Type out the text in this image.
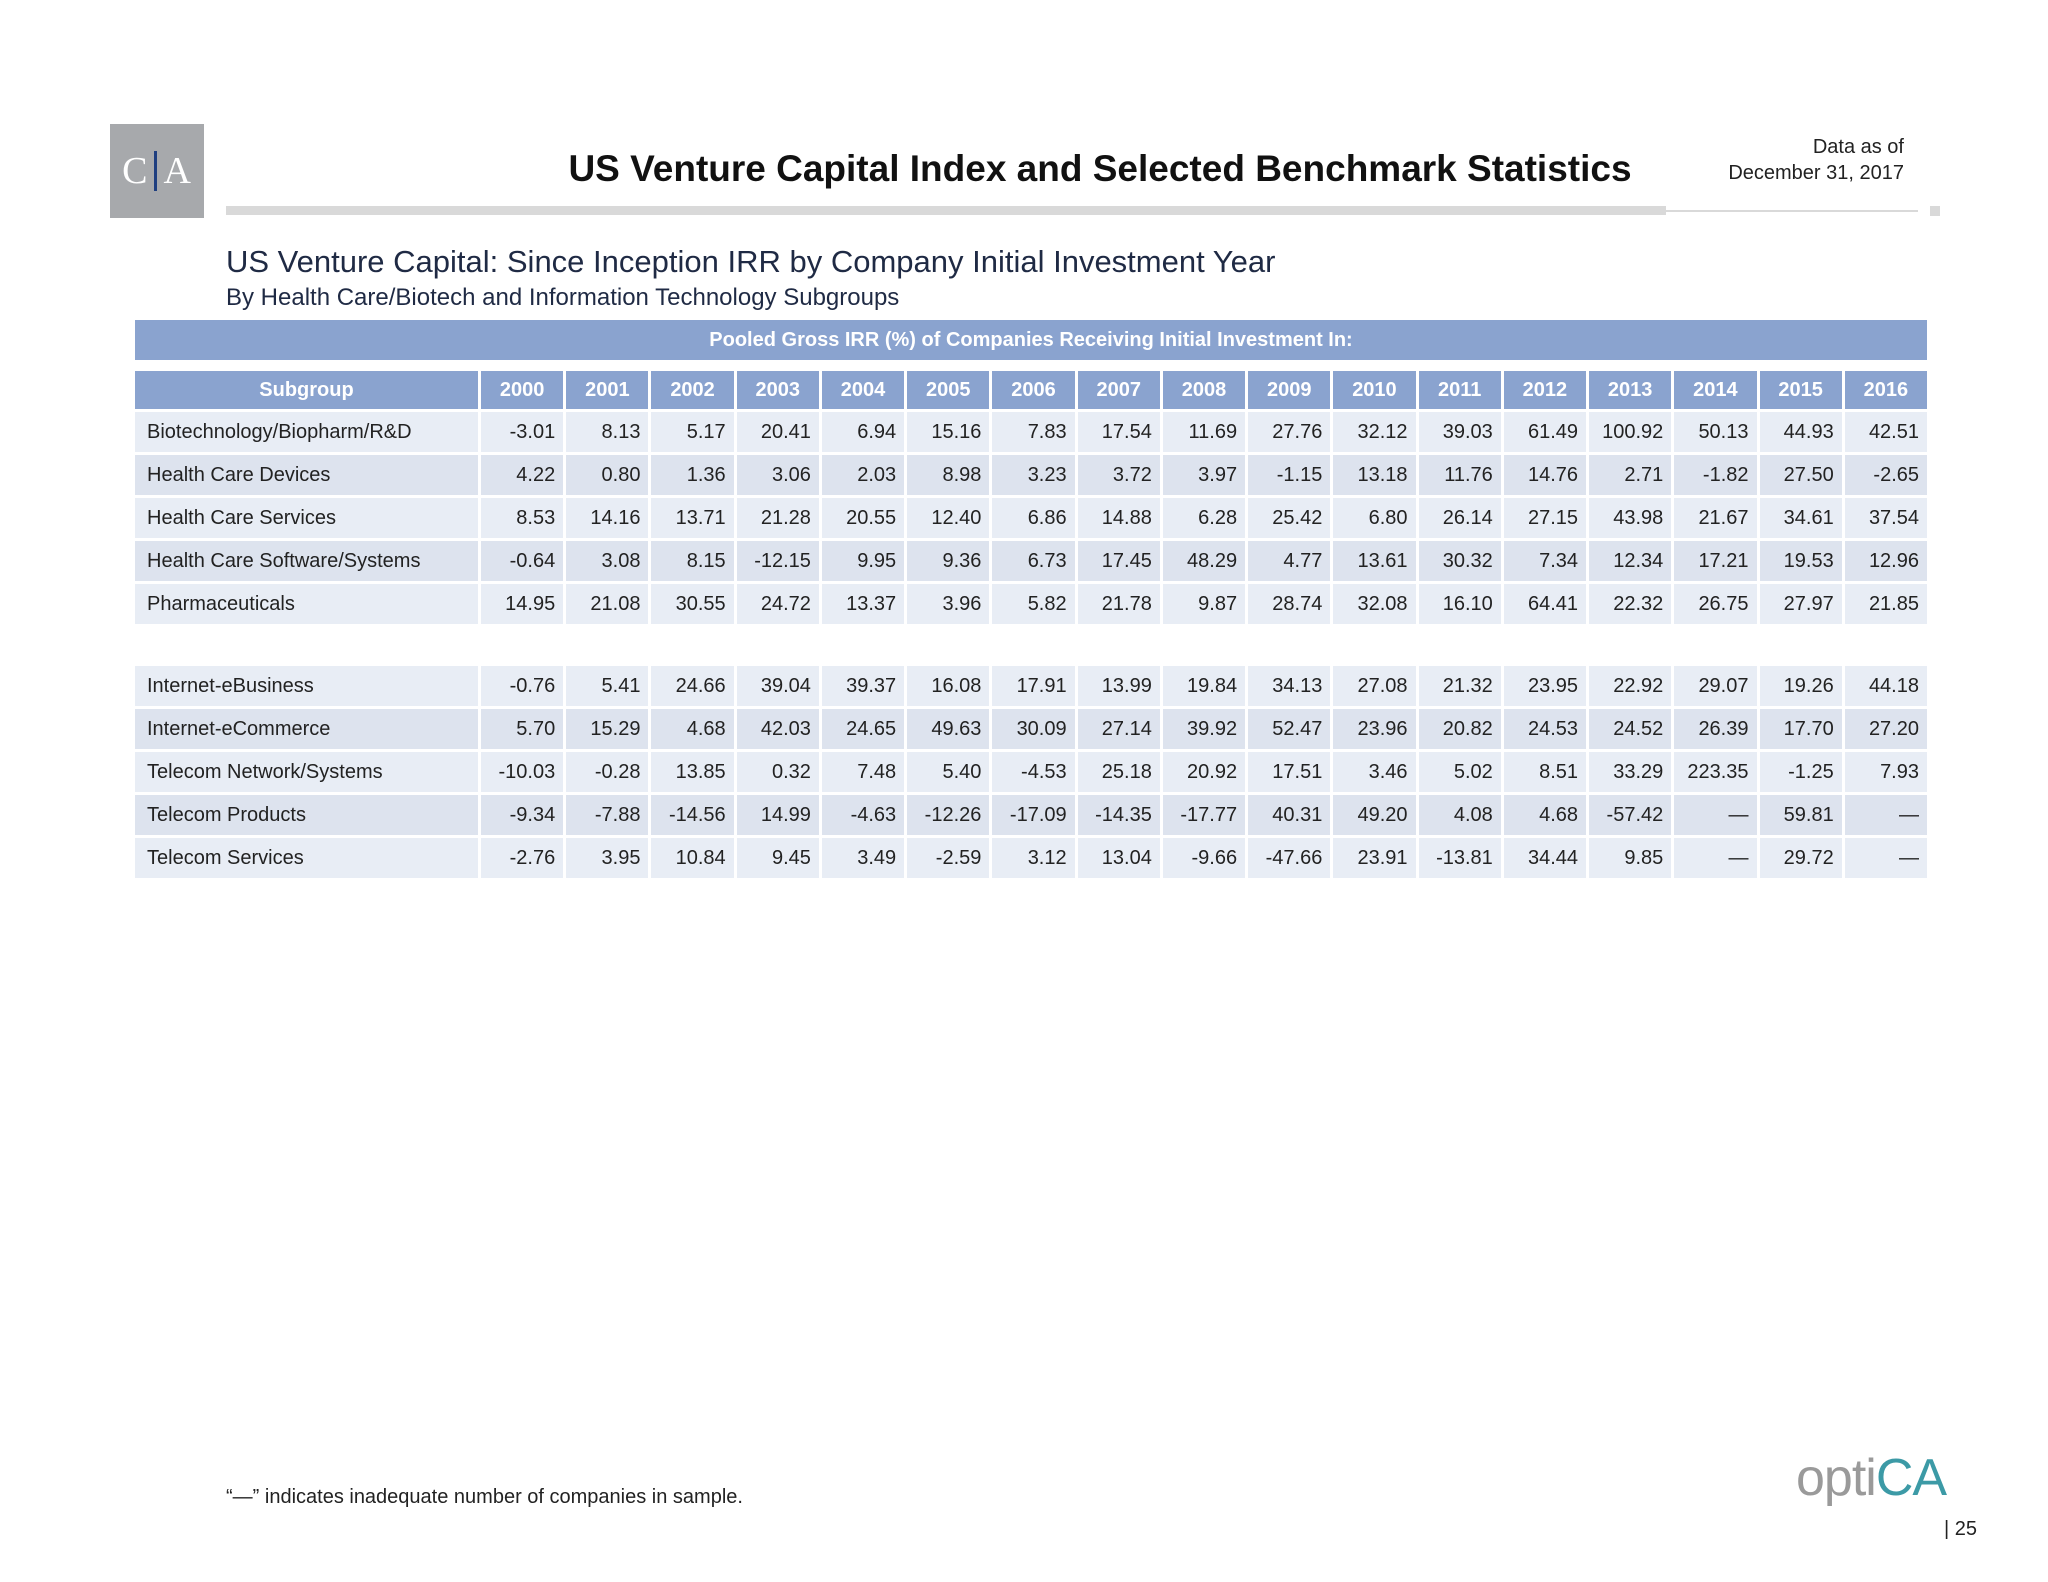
C A	US Venture Capital Index and Selected Benchmark Statistics
Data as of
December 31, 2017
US Venture Capital: Since Inception IRR by Company Initial Investment Year
By Health Care/Biotech and Information Technology Subgroups
Pooled Gross IRR (%) of Companies Receiving Initial Investment In:
Subgroup	2000	2001	2002	2003	2004	2005	2006	2007	2008	2009	2010	2011	2012	2013	2014	2015	2016
Biotechnology/Biopharm/R&D	-3.01	8.13	5.17	20.41	6.94	15.16	7.83	17.54	11.69	27.76	32.12	39.03	61.49	100.92	50.13	44.93	42.51
Health Care Devices	4.22	0.80	1.36	3.06	2.03	8.98	3.23	3.72	3.97	-1.15	13.18	11.76	14.76	2.71	-1.82	27.50	-2.65
Health Care Services	8.53	14.16	13.71	21.28	20.55	12.40	6.86	14.88	6.28	25.42	6.80	26.14	27.15	43.98	21.67	34.61	37.54
Health Care Software/Systems	-0.64	3.08	8.15	-12.15	9.95	9.36	6.73	17.45	48.29	4.77	13.61	30.32	7.34	12.34	17.21	19.53	12.96
Pharmaceuticals	14.95	21.08	30.55	24.72	13.37	3.96	5.82	21.78	9.87	28.74	32.08	16.10	64.41	22.32	26.75	27.97	21.85

Internet-eBusiness	-0.76	5.41	24.66	39.04	39.37	16.08	17.91	13.99	19.84	34.13	27.08	21.32	23.95	22.92	29.07	19.26	44.18
Internet-eCommerce	5.70	15.29	4.68	42.03	24.65	49.63	30.09	27.14	39.92	52.47	23.96	20.82	24.53	24.52	26.39	17.70	27.20
Telecom Network/Systems	-10.03	-0.28	13.85	0.32	7.48	5.40	-4.53	25.18	20.92	17.51	3.46	5.02	8.51	33.29	223.35	-1.25	7.93
Telecom Products	-9.34	-7.88	-14.56	14.99	-4.63	-12.26	-17.09	-14.35	-17.77	40.31	49.20	4.08	4.68	-57.42	—	59.81	—
Telecom Services	-2.76	3.95	10.84	9.45	3.49	-2.59	3.12	13.04	-9.66	-47.66	23.91	-13.81	34.44	9.85	—	29.72	—
“—” indicates inadequate number of companies in sample.	optiCA
| 25
